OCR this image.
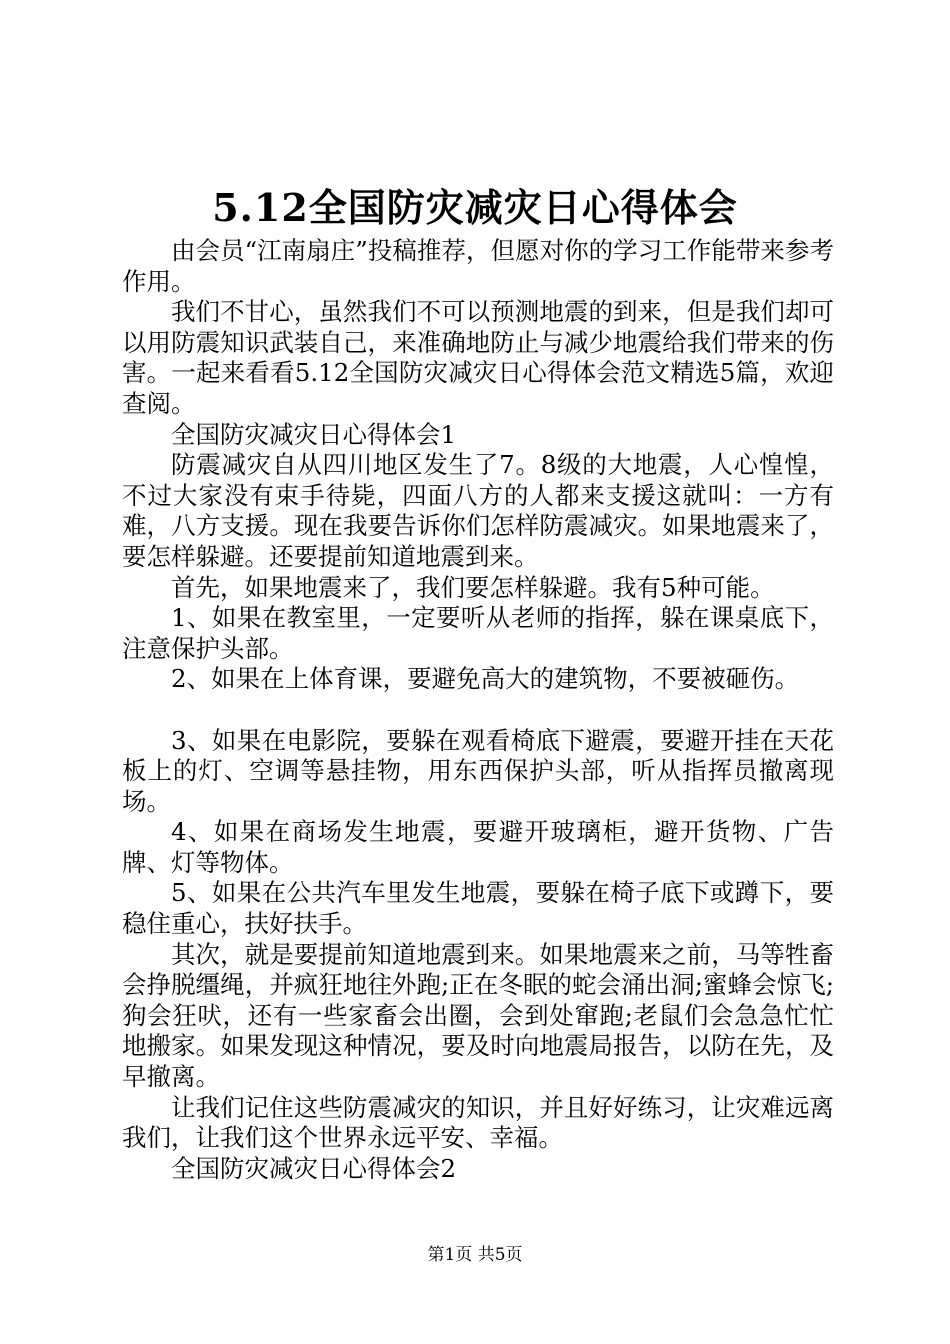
5.12全国防灾减灾日心得体会

由会员“江南扇庄”投稿推荐，但愿对你的学习工作能带来参考作用。

我们不甘心，虽然我们不可以预测地震的到来，但是我们却可以用防震知识武装自己，来准确地防止与减少地震给我们带来的伤害。一起来看看5.12全国防灾减灾日心得体会范文精选5篇，欢迎查阅。

全国防灾减灾日心得体会1

防震减灾自从四川地区发生了7。8级的大地震，人心惶惶，不过大家没有束手待毙，四面八方的人都来支援这就叫：一方有难，八方支援。现在我要告诉你们怎样防震减灾。如果地震来了，要怎样躲避。还要提前知道地震到来。

首先，如果地震来了，我们要怎样躲避。我有5种可能。

1、如果在教室里，一定要听从老师的指挥，躲在课桌底下，注意保护头部。

2、如果在上体育课，要避免高大的建筑物，不要被砸伤。

3、如果在电影院，要躲在观看椅底下避震，要避开挂在天花板上的灯、空调等悬挂物，用东西保护头部，听从指挥员撤离现场。

4、如果在商场发生地震，要避开玻璃柜，避开货物、广告牌、灯等物体。

5、如果在公共汽车里发生地震，要躲在椅子底下或蹲下，要稳住重心，扶好扶手。

其次，就是要提前知道地震到来。如果地震来之前，马等牲畜会挣脱缰绳，并疯狂地往外跑;正在冬眠的蛇会涌出洞;蜜蜂会惊飞;狗会狂吠，还有一些家畜会出圈，会到处窜跑;老鼠们会急急忙忙地搬家。如果发现这种情况，要及时向地震局报告，以防在先，及早撤离。

让我们记住这些防震减灾的知识，并且好好练习，让灾难远离我们，让我们这个世界永远平安、幸福。

全国防灾减灾日心得体会2

第1页 共5页
